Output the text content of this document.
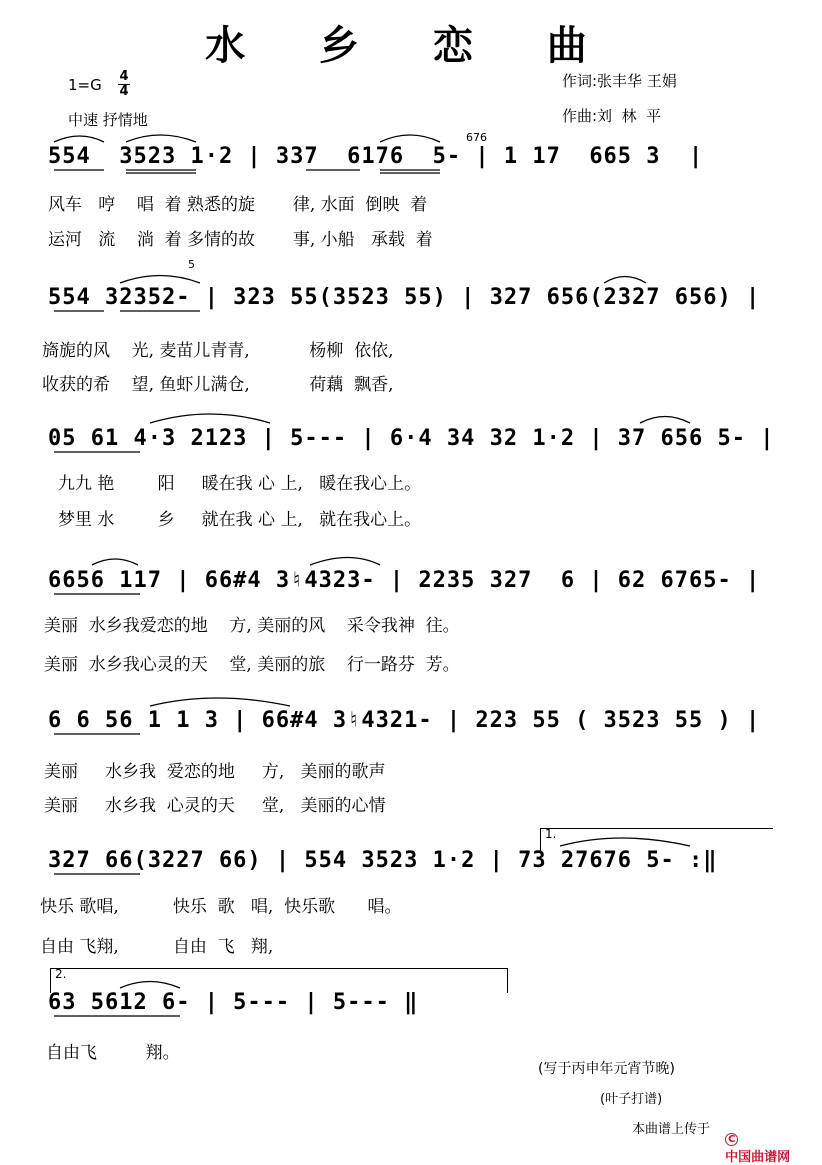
水 乡 恋 曲
1=G 4
4
中速 抒情地
作词:张丰华 王娟
作曲:刘  林  平
676
554  3523 1·2 | 337  6176  5- | 1 17  665 3  |
风车   哼    唱  着 熟悉的旋       律, 水面  倒映  着
运河   流    淌  着 多情的故       事, 小船   承载  着
5
554 32352- | 323 55(3523 55) | 327 656(2327 656) |
旖旎的风    光, 麦苗儿青青,           杨柳  依依,
收获的希    望, 鱼虾儿满仓,           荷藕  飘香,
05 61 4·3 2123 | 5--- | 6·4 34 32 1·2 | 37 656 5- |
九九 艳        阳     暖在我 心 上,   暖在我心上。
梦里 水        乡     就在我 心 上,   就在我心上。
6656 117 | 66#4 3♮4323- | 2235 327  6 | 62 6765- |
美丽  水乡我爱恋的地    方, 美丽的风    采令我神  往。
美丽  水乡我心灵的天    堂, 美丽的旅    行一路芬  芳。
6 6 56 1 1 3 | 66#4 3♮4321- | 223 55 ( 3523 55 ) |
美丽     水乡我  爱恋的地     方,   美丽的歌声
美丽     水乡我  心灵的天     堂,   美丽的心情
1.
327 66(3227 66) | 554 3523 1·2 | 73 27676 5- :‖
快乐 歌唱,          快乐  歌   唱,  快乐歌      唱。
自由 飞翔,          自由  飞   翔,
2.
63 5612 6- | 5--- | 5--- ‖
自由飞         翔。
(写于丙申年元宵节晚)
(叶子打谱)
本曲谱上传于

C
中国曲谱网
